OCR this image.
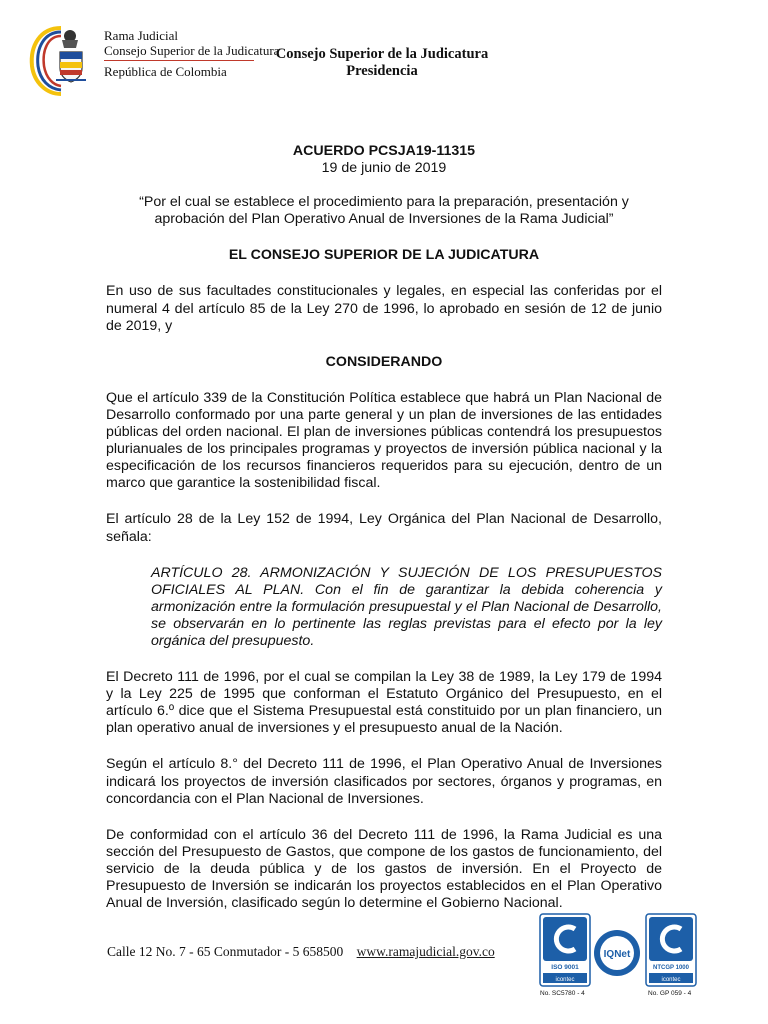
Rama Judicial
Consejo Superior de la Judicatura
República de Colombia
Consejo Superior de la Judicatura
Presidencia

ACUERDO PCSJA19-11315

19 de junio de 2019

“Por el cual se establece el procedimiento para la preparación, presentación y aprobación del Plan Operativo Anual de Inversiones de la Rama Judicial”

EL CONSEJO SUPERIOR DE LA JUDICATURA

En uso de sus facultades constitucionales y legales, en especial las conferidas por el numeral 4 del artículo 85 de la Ley 270 de 1996, lo aprobado en sesión de 12 de junio de 2019, y

CONSIDERANDO

Que el artículo 339 de la Constitución Política establece que habrá un Plan Nacional de Desarrollo conformado por una parte general y un plan de inversiones de las entidades públicas del orden nacional. El plan de inversiones públicas contendrá los presupuestos plurianuales de los principales programas y proyectos de inversión pública nacional y la especificación de los recursos financieros requeridos para su ejecución, dentro de un marco que garantice la sostenibilidad fiscal.

El artículo 28 de la Ley 152 de 1994, Ley Orgánica del Plan Nacional de Desarrollo, señala:

ARTÍCULO 28. ARMONIZACIÓN Y SUJECIÓN DE LOS PRESUPUESTOS OFICIALES AL PLAN. Con el fin de garantizar la debida coherencia y armonización entre la formulación presupuestal y el Plan Nacional de Desarrollo, se observarán en lo pertinente las reglas previstas para el efecto por la ley orgánica del presupuesto.

El Decreto 111 de 1996, por el cual se compilan la Ley 38 de 1989, la Ley 179 de 1994 y la Ley 225 de 1995 que conforman el Estatuto Orgánico del Presupuesto, en el artículo 6.º dice que el Sistema Presupuestal está constituido por un plan financiero, un plan operativo anual de inversiones y el presupuesto anual de la Nación.

Según el artículo 8.° del Decreto 111 de 1996, el Plan Operativo Anual de Inversiones indicará los proyectos de inversión clasificados por sectores, órganos y programas, en concordancia con el Plan Nacional de Inversiones.

De conformidad con el artículo 36 del Decreto 111 de 1996, la Rama Judicial es una sección del Presupuesto de Gastos, que compone de los gastos de funcionamiento, del servicio de la deuda pública y de los gastos de inversión. En el Proyecto de Presupuesto de Inversión se indicarán los proyectos establecidos en el Plan Operativo Anual de Inversión, clasificado según lo determine el Gobierno Nacional.

Calle 12 No. 7 - 65 Conmutador - 5 658500 www.ramajudicial.gov.co
ISO 9001
icontec
No. SC5780 - 4
IQNet
NTCGP 1000
icontec
No. GP 059 - 4
